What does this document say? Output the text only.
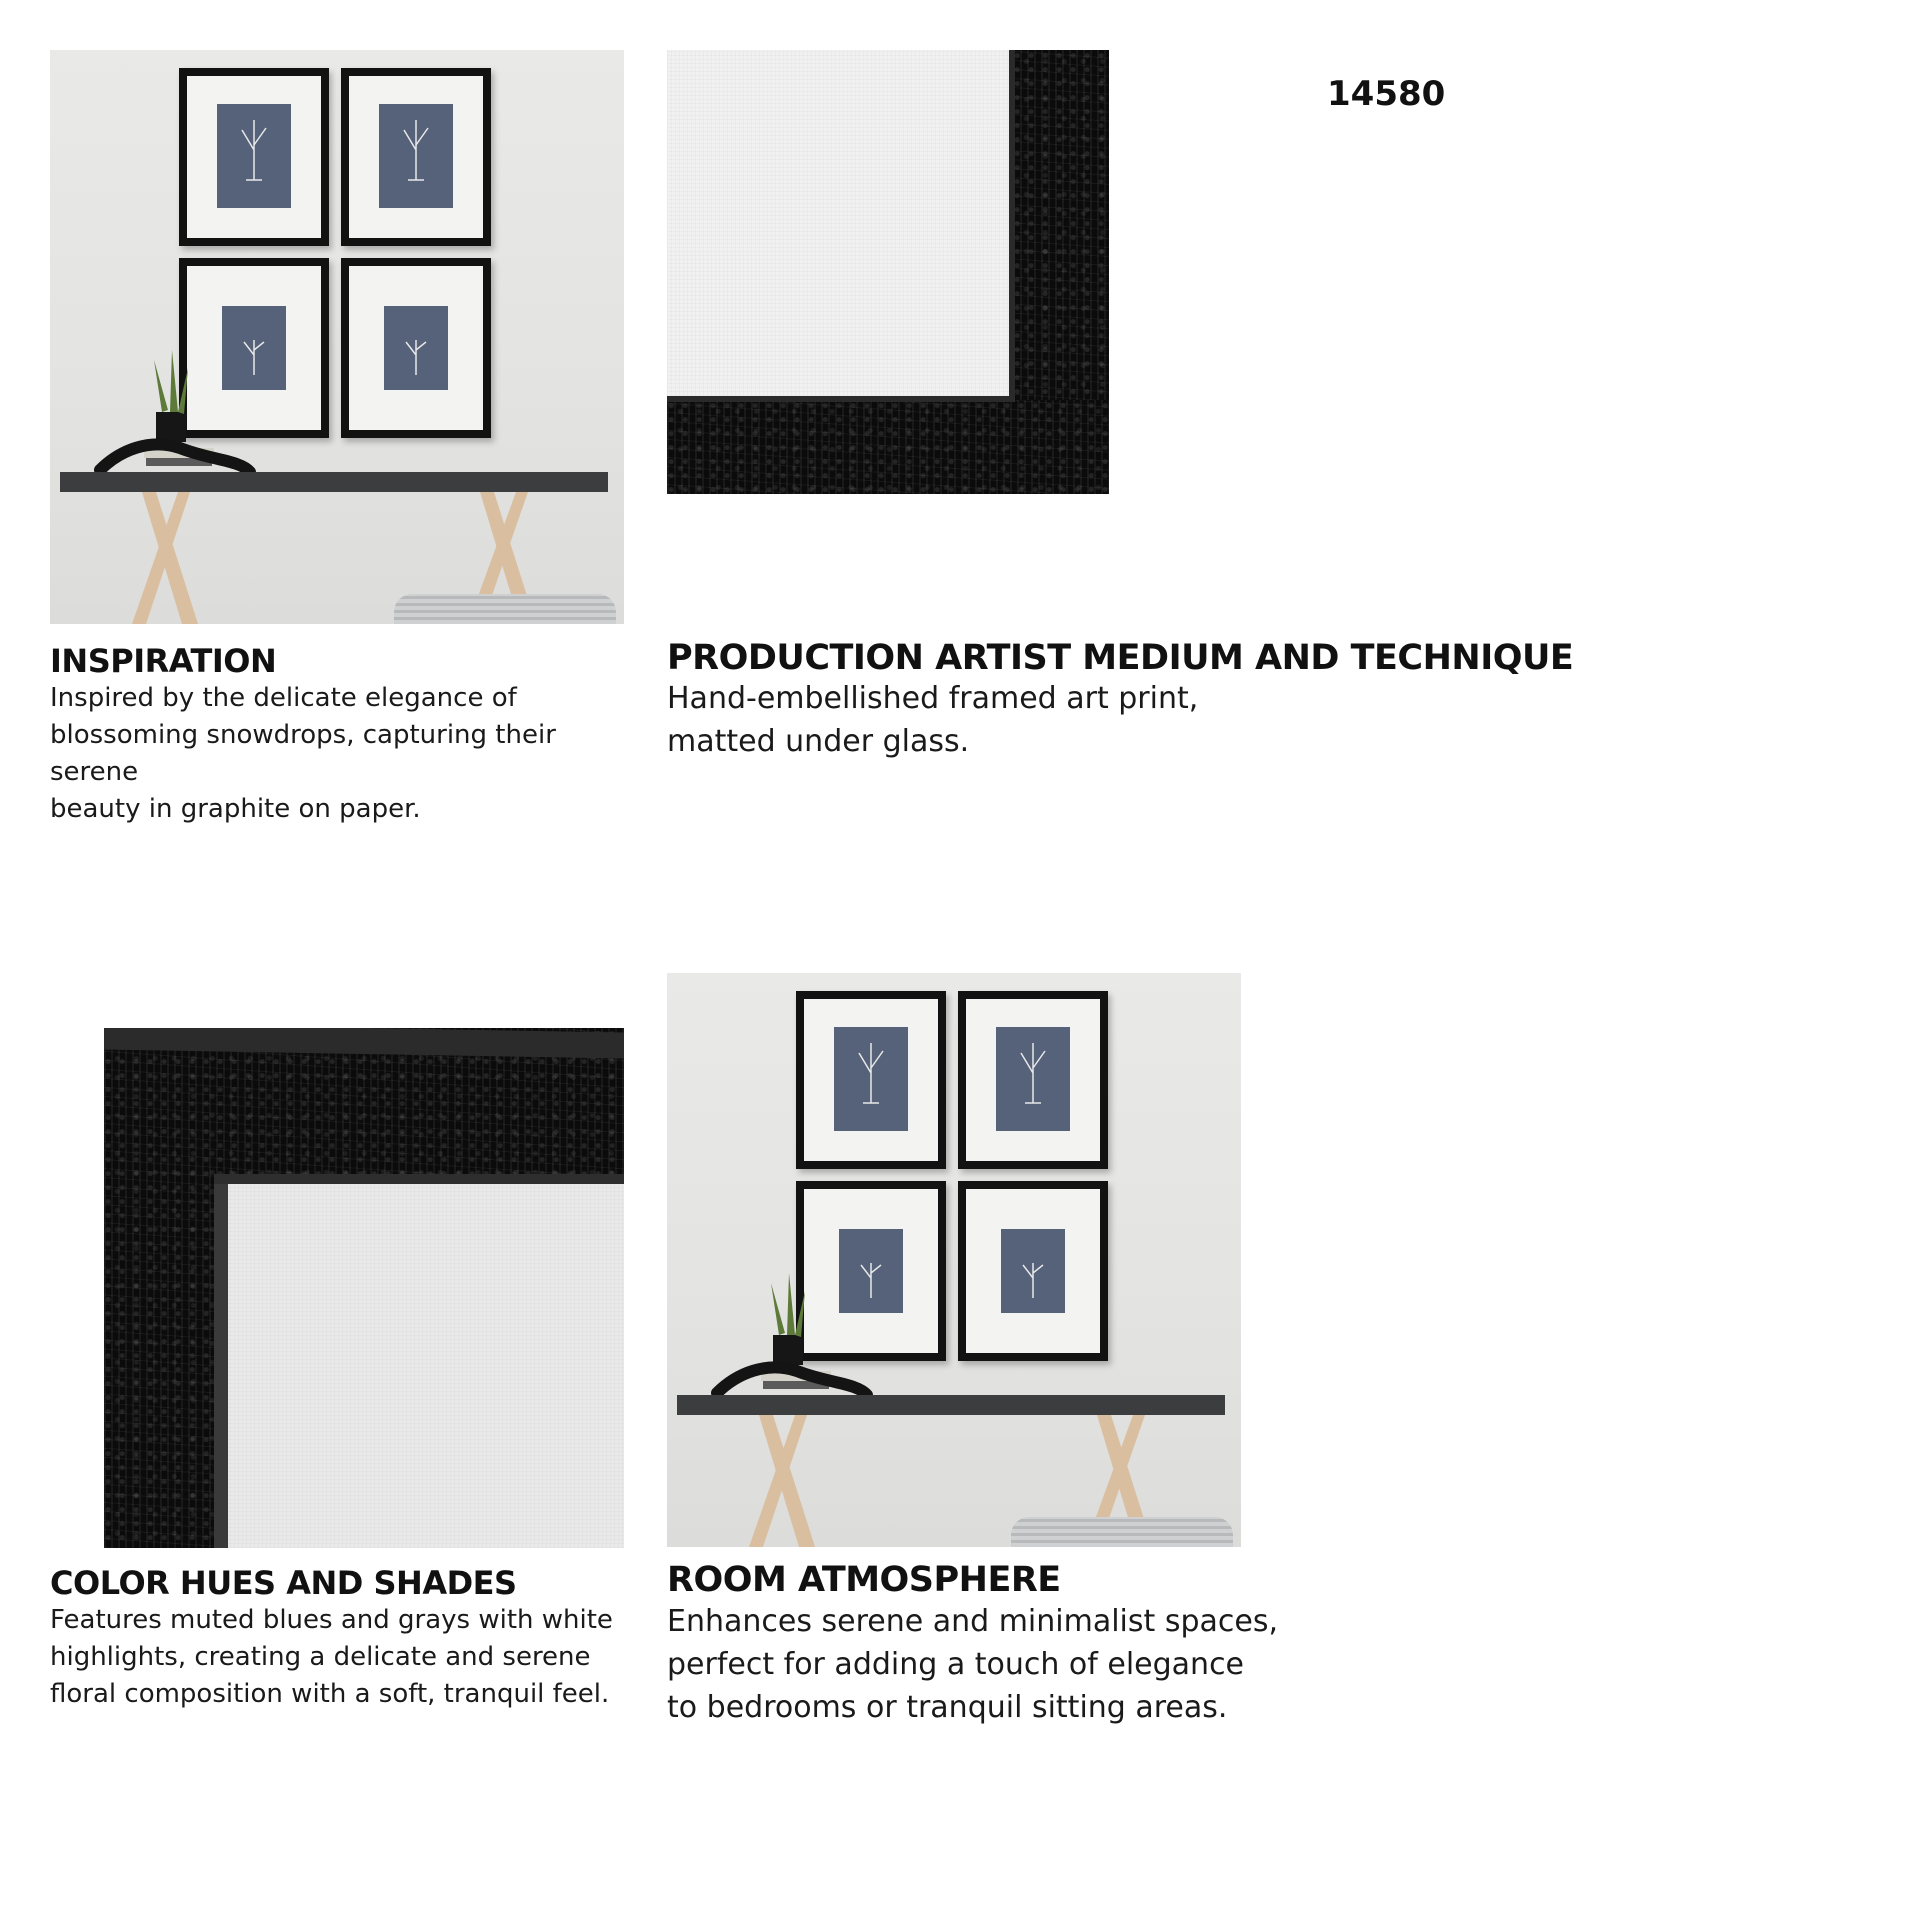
14580
INSPIRATION
Inspired by the delicate elegance of
blossoming snowdrops, capturing their serene
beauty in graphite on paper.
PRODUCTION ARTIST MEDIUM AND TECHNIQUE
Hand-embellished framed art print,
matted under glass.
COLOR HUES AND SHADES
Features muted blues and grays with white
highlights, creating a delicate and serene
floral composition with a soft, tranquil feel.
ROOM ATMOSPHERE
Enhances serene and minimalist spaces,
perfect for adding a touch of elegance
to bedrooms or tranquil sitting areas.
